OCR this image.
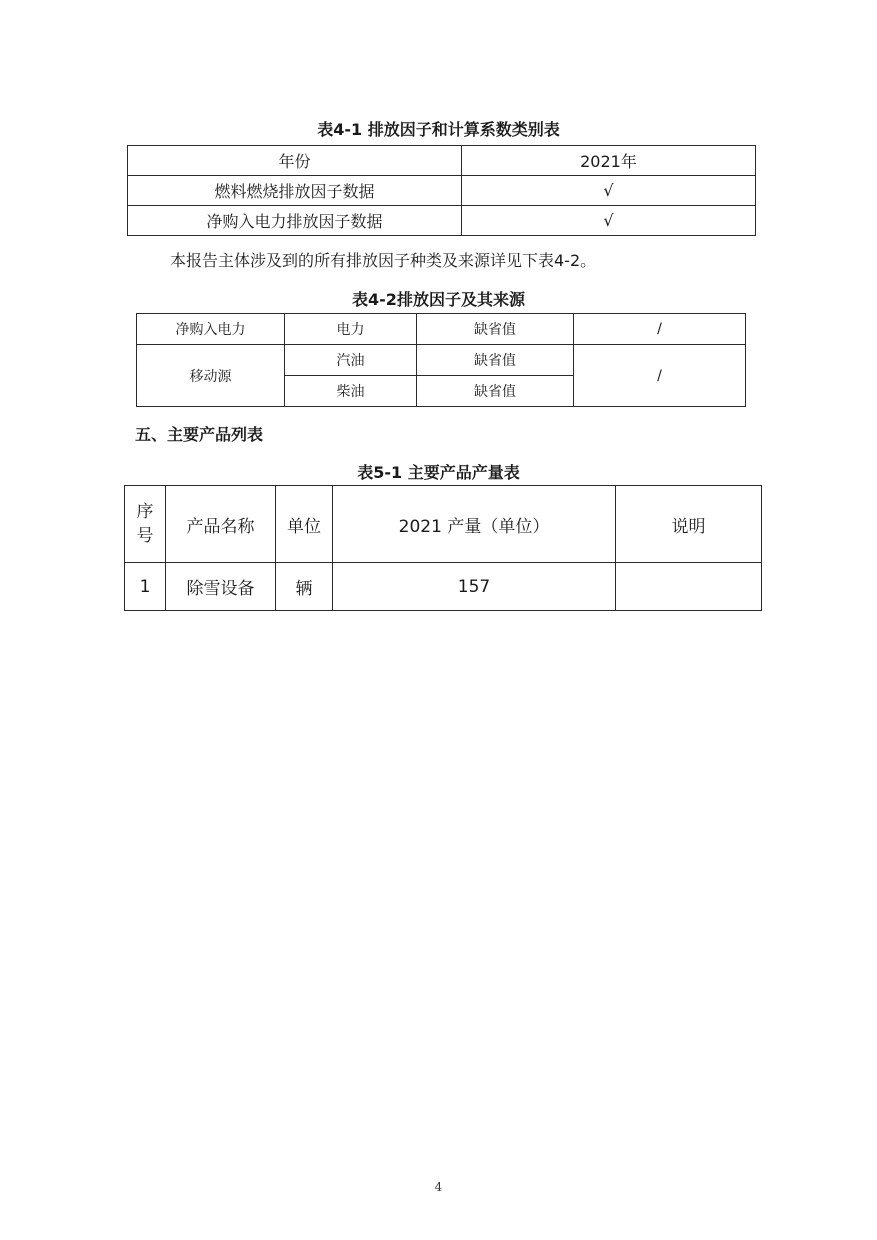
表4-1 排放因子和计算系数类别表
年份	2021年
燃料燃烧排放因子数据	√
净购入电力排放因子数据	√
本报告主体涉及到的所有排放因子种类及来源详见下表4-2。
表4-2排放因子及其来源
净购入电力	电力	缺省值	/
移动源	汽油	缺省值	/
	柴油	缺省值	
五、主要产品列表
表5-1 主要产品产量表
序
号	产品名称	单位	2021 产量（单位）	说明
1	除雪设备	辆	157	
4
